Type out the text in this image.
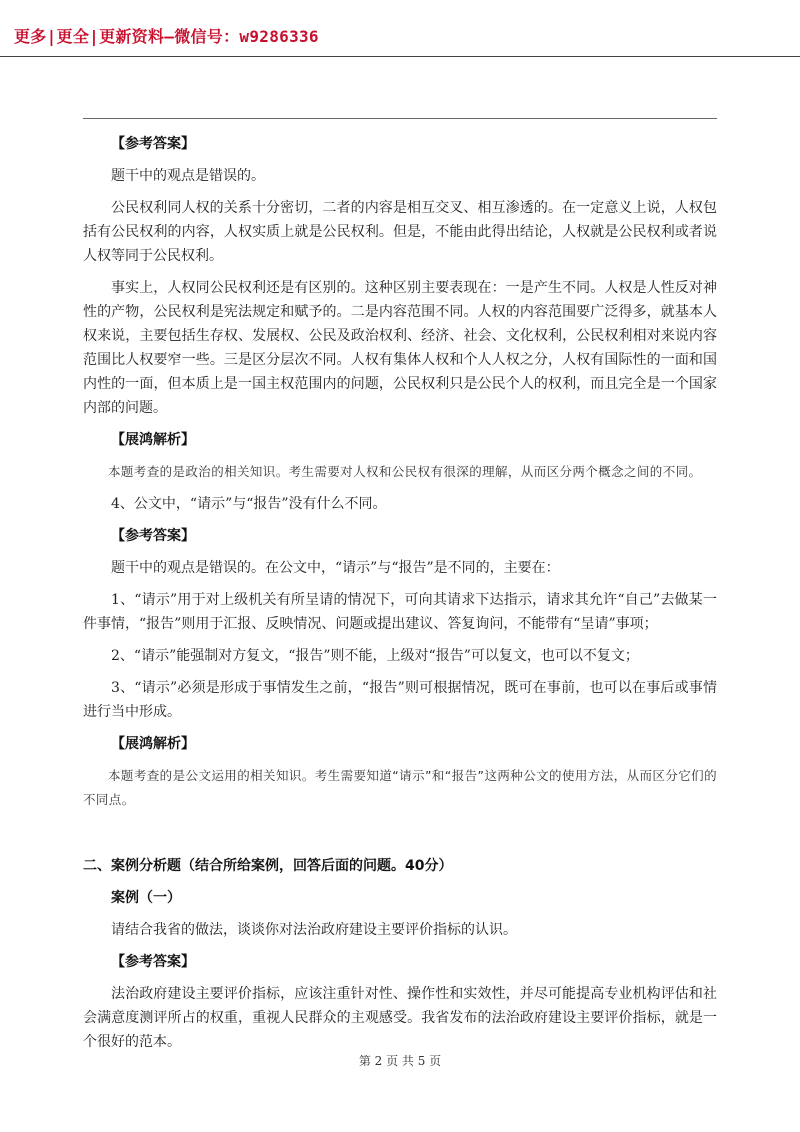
更多|更全|更新资料—微信号：w9286336
【参考答案】
题干中的观点是错误的。
公民权利同人权的关系十分密切，二者的内容是相互交叉、相互渗透的。在一定意义上说，人权包括有公民权利的内容，人权实质上就是公民权利。但是，不能由此得出结论，人权就是公民权利或者说人权等同于公民权利。
事实上，人权同公民权利还是有区别的。这种区别主要表现在：一是产生不同。人权是人性反对神性的产物，公民权利是宪法规定和赋予的。二是内容范围不同。人权的内容范围要广泛得多，就基本人权来说，主要包括生存权、发展权、公民及政治权利、经济、社会、文化权利，公民权利相对来说内容范围比人权要窄一些。三是区分层次不同。人权有集体人权和个人人权之分，人权有国际性的一面和国内性的一面，但本质上是一国主权范围内的问题，公民权利只是公民个人的权利，而且完全是一个国家内部的问题。
【展鸿解析】
本题考查的是政治的相关知识。考生需要对人权和公民权有很深的理解，从而区分两个概念之间的不同。
4、公文中，“请示”与“报告”没有什么不同。
【参考答案】
题干中的观点是错误的。在公文中，“请示”与“报告”是不同的，主要在：
1、“请示”用于对上级机关有所呈请的情况下，可向其请求下达指示，请求其允许“自己”去做某一件事情，“报告”则用于汇报、反映情况、问题或提出建议、答复询问，不能带有“呈请”事项；
2、“请示”能强制对方复文，“报告”则不能，上级对“报告”可以复文，也可以不复文；
3、“请示”必须是形成于事情发生之前，“报告”则可根据情况，既可在事前，也可以在事后或事情进行当中形成。
【展鸿解析】
本题考查的是公文运用的相关知识。考生需要知道“请示”和“报告”这两种公文的使用方法，从而区分它们的不同点。
二、案例分析题（结合所给案例，回答后面的问题。40分）
案例（一）
请结合我省的做法，谈谈你对法治政府建设主要评价指标的认识。
【参考答案】
法治政府建设主要评价指标，应该注重针对性、操作性和实效性，并尽可能提高专业机构评估和社会满意度测评所占的权重，重视人民群众的主观感受。我省发布的法治政府建设主要评价指标，就是一个很好的范本。
第 2 页 共 5 页
